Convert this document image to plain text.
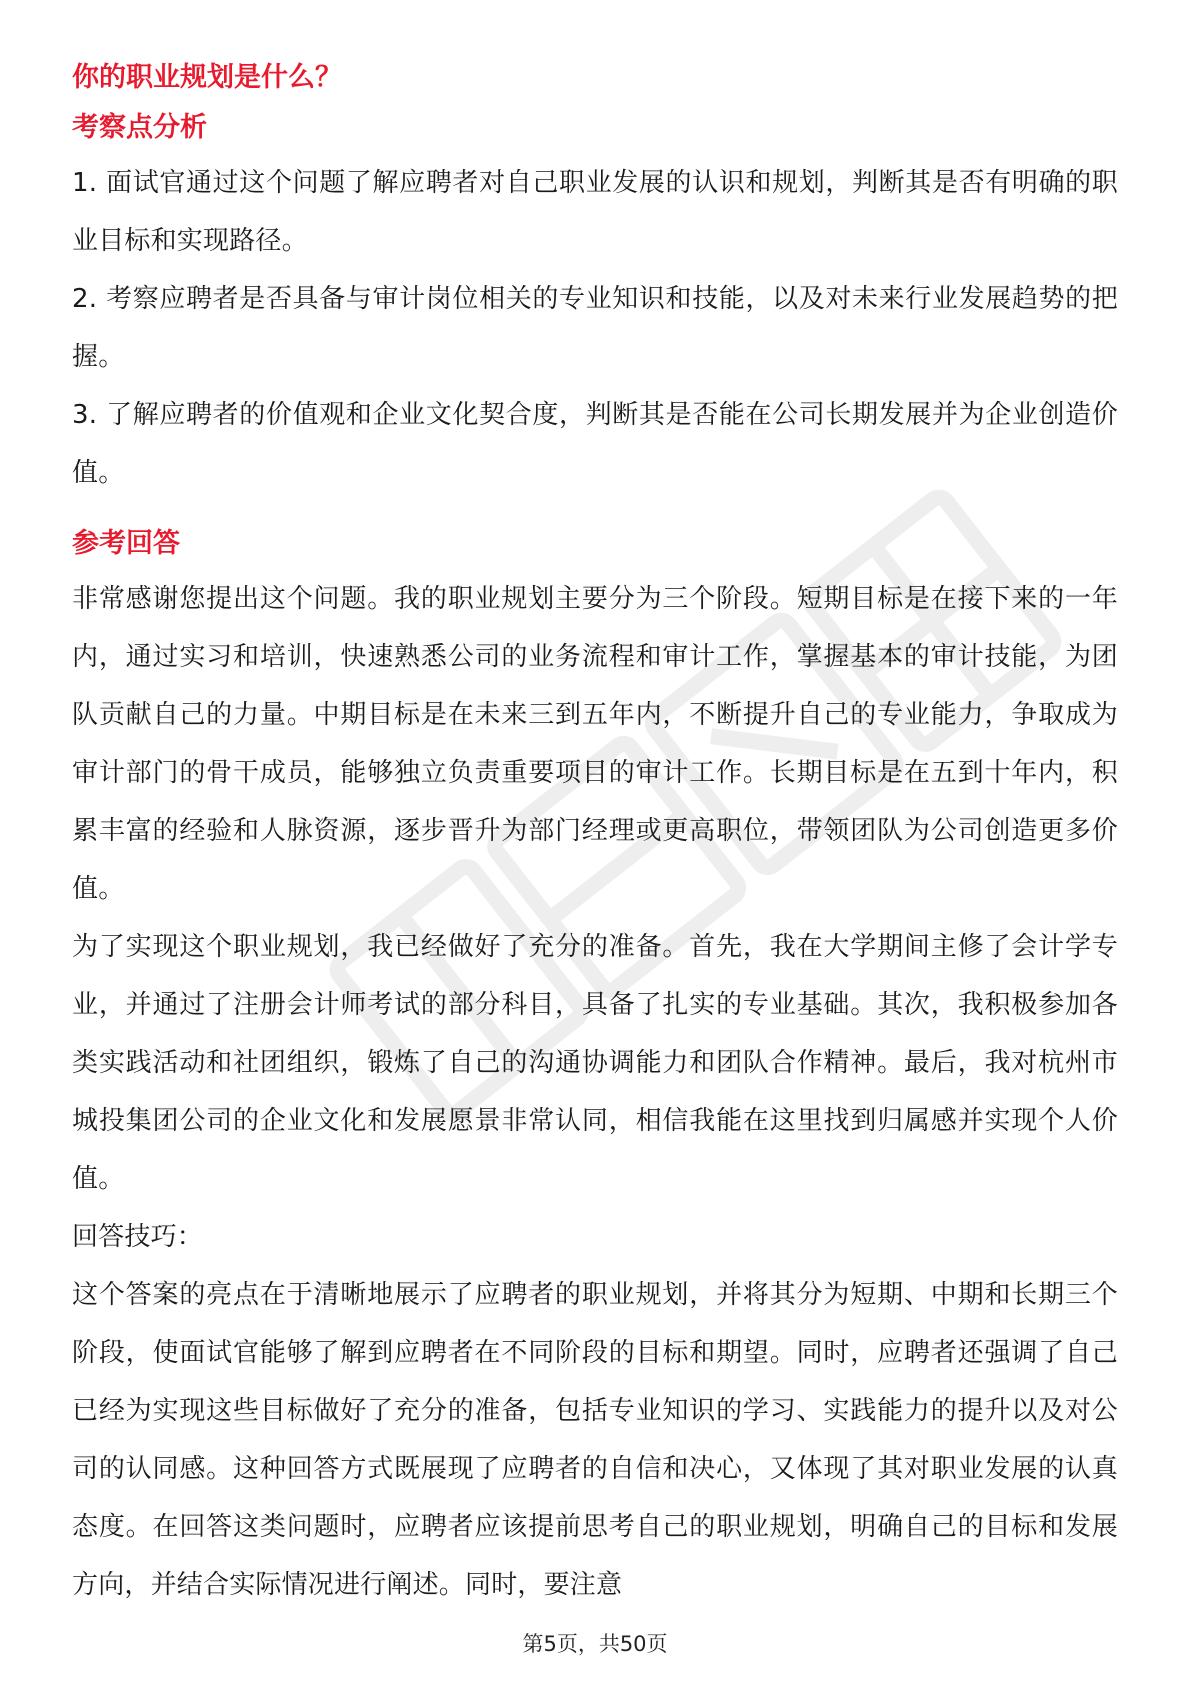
你的职业规划是什么？
考察点分析

1. 面试官通过这个问题了解应聘者对自己职业发展的认识和规划，判断其是否有明确的职业目标和实现路径。

2. 考察应聘者是否具备与审计岗位相关的专业知识和技能，以及对未来行业发展趋势的把握。

3. 了解应聘者的价值观和企业文化契合度，判断其是否能在公司长期发展并为企业创造价值。

参考回答

非常感谢您提出这个问题。我的职业规划主要分为三个阶段。短期目标是在接下来的一年内，通过实习和培训，快速熟悉公司的业务流程和审计工作，掌握基本的审计技能，为团队贡献自己的力量。中期目标是在未来三到五年内，不断提升自己的专业能力，争取成为审计部门的骨干成员，能够独立负责重要项目的审计工作。长期目标是在五到十年内，积累丰富的经验和人脉资源，逐步晋升为部门经理或更高职位，带领团队为公司创造更多价值。

为了实现这个职业规划，我已经做好了充分的准备。首先，我在大学期间主修了会计学专业，并通过了注册会计师考试的部分科目，具备了扎实的专业基础。其次，我积极参加各类实践活动和社团组织，锻炼了自己的沟通协调能力和团队合作精神。最后，我对杭州市城投集团公司的企业文化和发展愿景非常认同，相信我能在这里找到归属感并实现个人价值。

回答技巧：

这个答案的亮点在于清晰地展示了应聘者的职业规划，并将其分为短期、中期和长期三个阶段，使面试官能够了解到应聘者在不同阶段的目标和期望。同时，应聘者还强调了自己已经为实现这些目标做好了充分的准备，包括专业知识的学习、实践能力的提升以及对公司的认同感。这种回答方式既展现了应聘者的自信和决心，又体现了其对职业发展的认真态度。在回答这类问题时，应聘者应该提前思考自己的职业规划，明确自己的目标和发展方向，并结合实际情况进行阐述。同时，要注意

第5页，共50页
